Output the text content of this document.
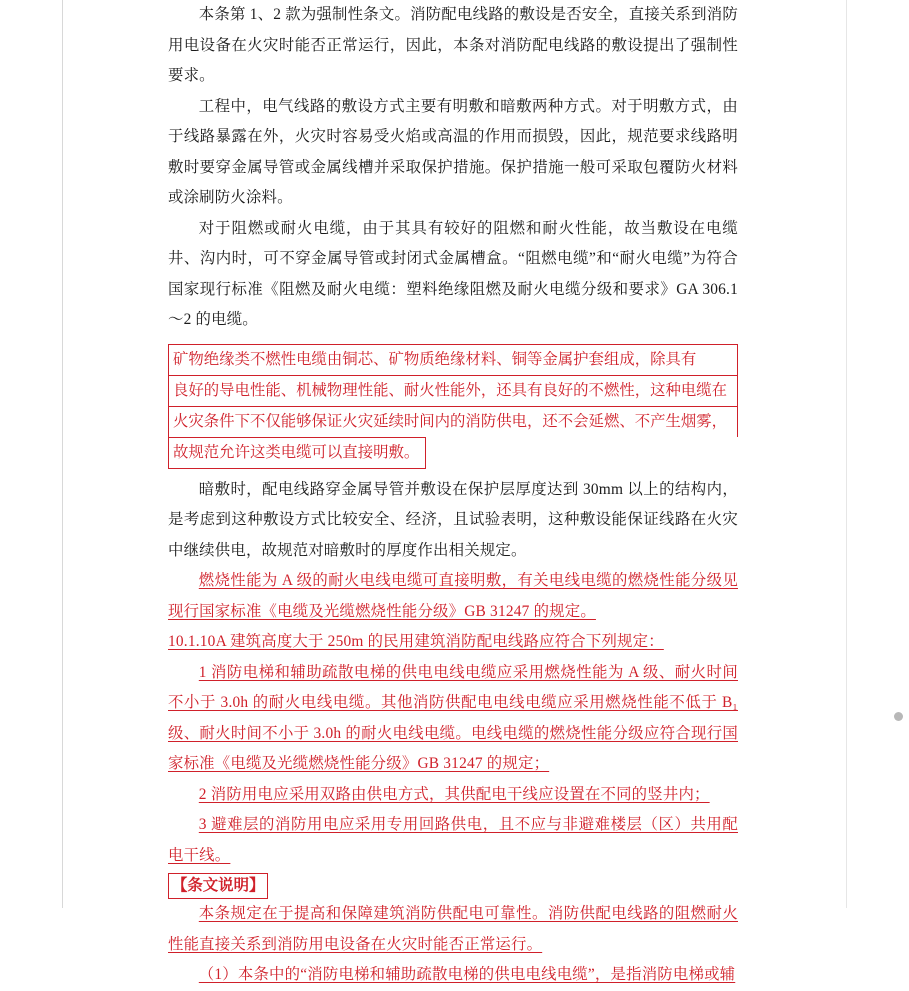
本条第 1、2 款为强制性条文。消防配电线路的敷设是否安全，直接关系到消防用电设备在火灾时能否正常运行，因此，本条对消防配电线路的敷设提出了强制性要求。

工程中，电气线路的敷设方式主要有明敷和暗敷两种方式。对于明敷方式，由于线路暴露在外，火灾时容易受火焰或高温的作用而损毁，因此，规范要求线路明敷时要穿金属导管或金属线槽并采取保护措施。保护措施一般可采取包覆防火材料或涂刷防火涂料。

对于阻燃或耐火电缆，由于其具有较好的阻燃和耐火性能，故当敷设在电缆井、沟内时，可不穿金属导管或封闭式金属槽盒。“阻燃电缆”和“耐火电缆”为符合国家现行标准《阻燃及耐火电缆：塑料绝缘阻燃及耐火电缆分级和要求》GA 306.1～2 的电缆。

矿物绝缘类不燃性电缆由铜芯、矿物质绝缘材料、铜等金属护套组成，除具有
良好的导电性能、机械物理性能、耐火性能外，还具有良好的不燃性，这种电缆在
火灾条件下不仅能够保证火灾延续时间内的消防供电，还不会延燃、不产生烟雾，
故规范允许这类电缆可以直接明敷。

暗敷时，配电线路穿金属导管并敷设在保护层厚度达到 30mm 以上的结构内，是考虑到这种敷设方式比较安全、经济，且试验表明，这种敷设能保证线路在火灾中继续供电，故规范对暗敷时的厚度作出相关规定。

燃烧性能为 A 级的耐火电线电缆可直接明敷，有关电线电缆的燃烧性能分级见现行国家标准《电缆及光缆燃烧性能分级》GB 31247 的规定。

10.1.10A 建筑高度大于 250m 的民用建筑消防配电线路应符合下列规定：

1 消防电梯和辅助疏散电梯的供电电线电缆应采用燃烧性能为 A 级、耐火时间不小于 3.0h 的耐火电线电缆。其他消防供配电电线电缆应采用燃烧性能不低于 B₁ 级、耐火时间不小于 3.0h 的耐火电线电缆。电线电缆的燃烧性能分级应符合现行国家标准《电缆及光缆燃烧性能分级》GB 31247 的规定；

2 消防用电应采用双路由供电方式，其供配电干线应设置在不同的竖井内；

3 避难层的消防用电应采用专用回路供电，且不应与非避难楼层（区）共用配电干线。

【条文说明】

本条规定在于提高和保障建筑消防供配电可靠性。消防供配电线路的阻燃耐火性能直接关系到消防用电设备在火灾时能否正常运行。

（1）本条中的“消防电梯和辅助疏散电梯的供电电线电缆”，是指消防电梯或辅
